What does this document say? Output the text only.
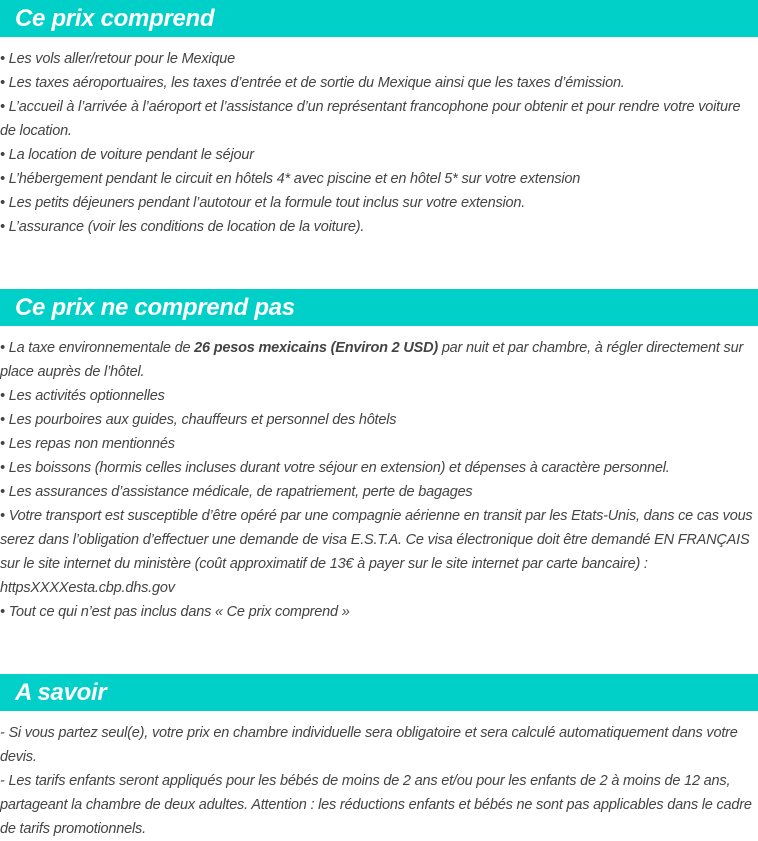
Ce prix comprend

• Les vols aller/retour pour le Mexique

• Les taxes aéroportuaires, les taxes d’entrée et de sortie du Mexique ainsi que les taxes d’émission.

• L’accueil à l’arrivée à l’aéroport et l’assistance d’un représentant francophone pour obtenir et pour rendre votre voiture de location.

• La location de voiture pendant le séjour

• L’hébergement pendant le circuit en hôtels 4* avec piscine et en hôtel 5* sur votre extension

• Les petits déjeuners pendant l’autotour et la formule tout inclus sur votre extension.

• L’assurance (voir les conditions de location de la voiture).

Ce prix ne comprend pas

• La taxe environnementale de 26 pesos mexicains (Environ 2 USD) par nuit et par chambre, à régler directement sur place auprès de l’hôtel.

• Les activités optionnelles

• Les pourboires aux guides, chauffeurs et personnel des hôtels

• Les repas non mentionnés

• Les boissons (hormis celles incluses durant votre séjour en extension) et dépenses à caractère personnel.

• Les assurances d’assistance médicale, de rapatriement, perte de bagages

• Votre transport est susceptible d’être opéré par une compagnie aérienne en transit par les Etats-Unis, dans ce cas vous serez dans l’obligation d’effectuer une demande de visa E.S.T.A. Ce visa électronique doit être demandé EN FRANÇAIS sur le site internet du ministère (coût approximatif de 13€ à payer sur le site internet par carte bancaire) :

httpsXXXXesta.cbp.dhs.gov

• Tout ce qui n’est pas inclus dans « Ce prix comprend »

A savoir

- Si vous partez seul(e), votre prix en chambre individuelle sera obligatoire et sera calculé automatiquement dans votre devis.

- Les tarifs enfants seront appliqués pour les bébés de moins de 2 ans et/ou pour les enfants de 2 à moins de 12 ans, partageant la chambre de deux adultes. Attention : les réductions enfants et bébés ne sont pas applicables dans le cadre de tarifs promotionnels.
